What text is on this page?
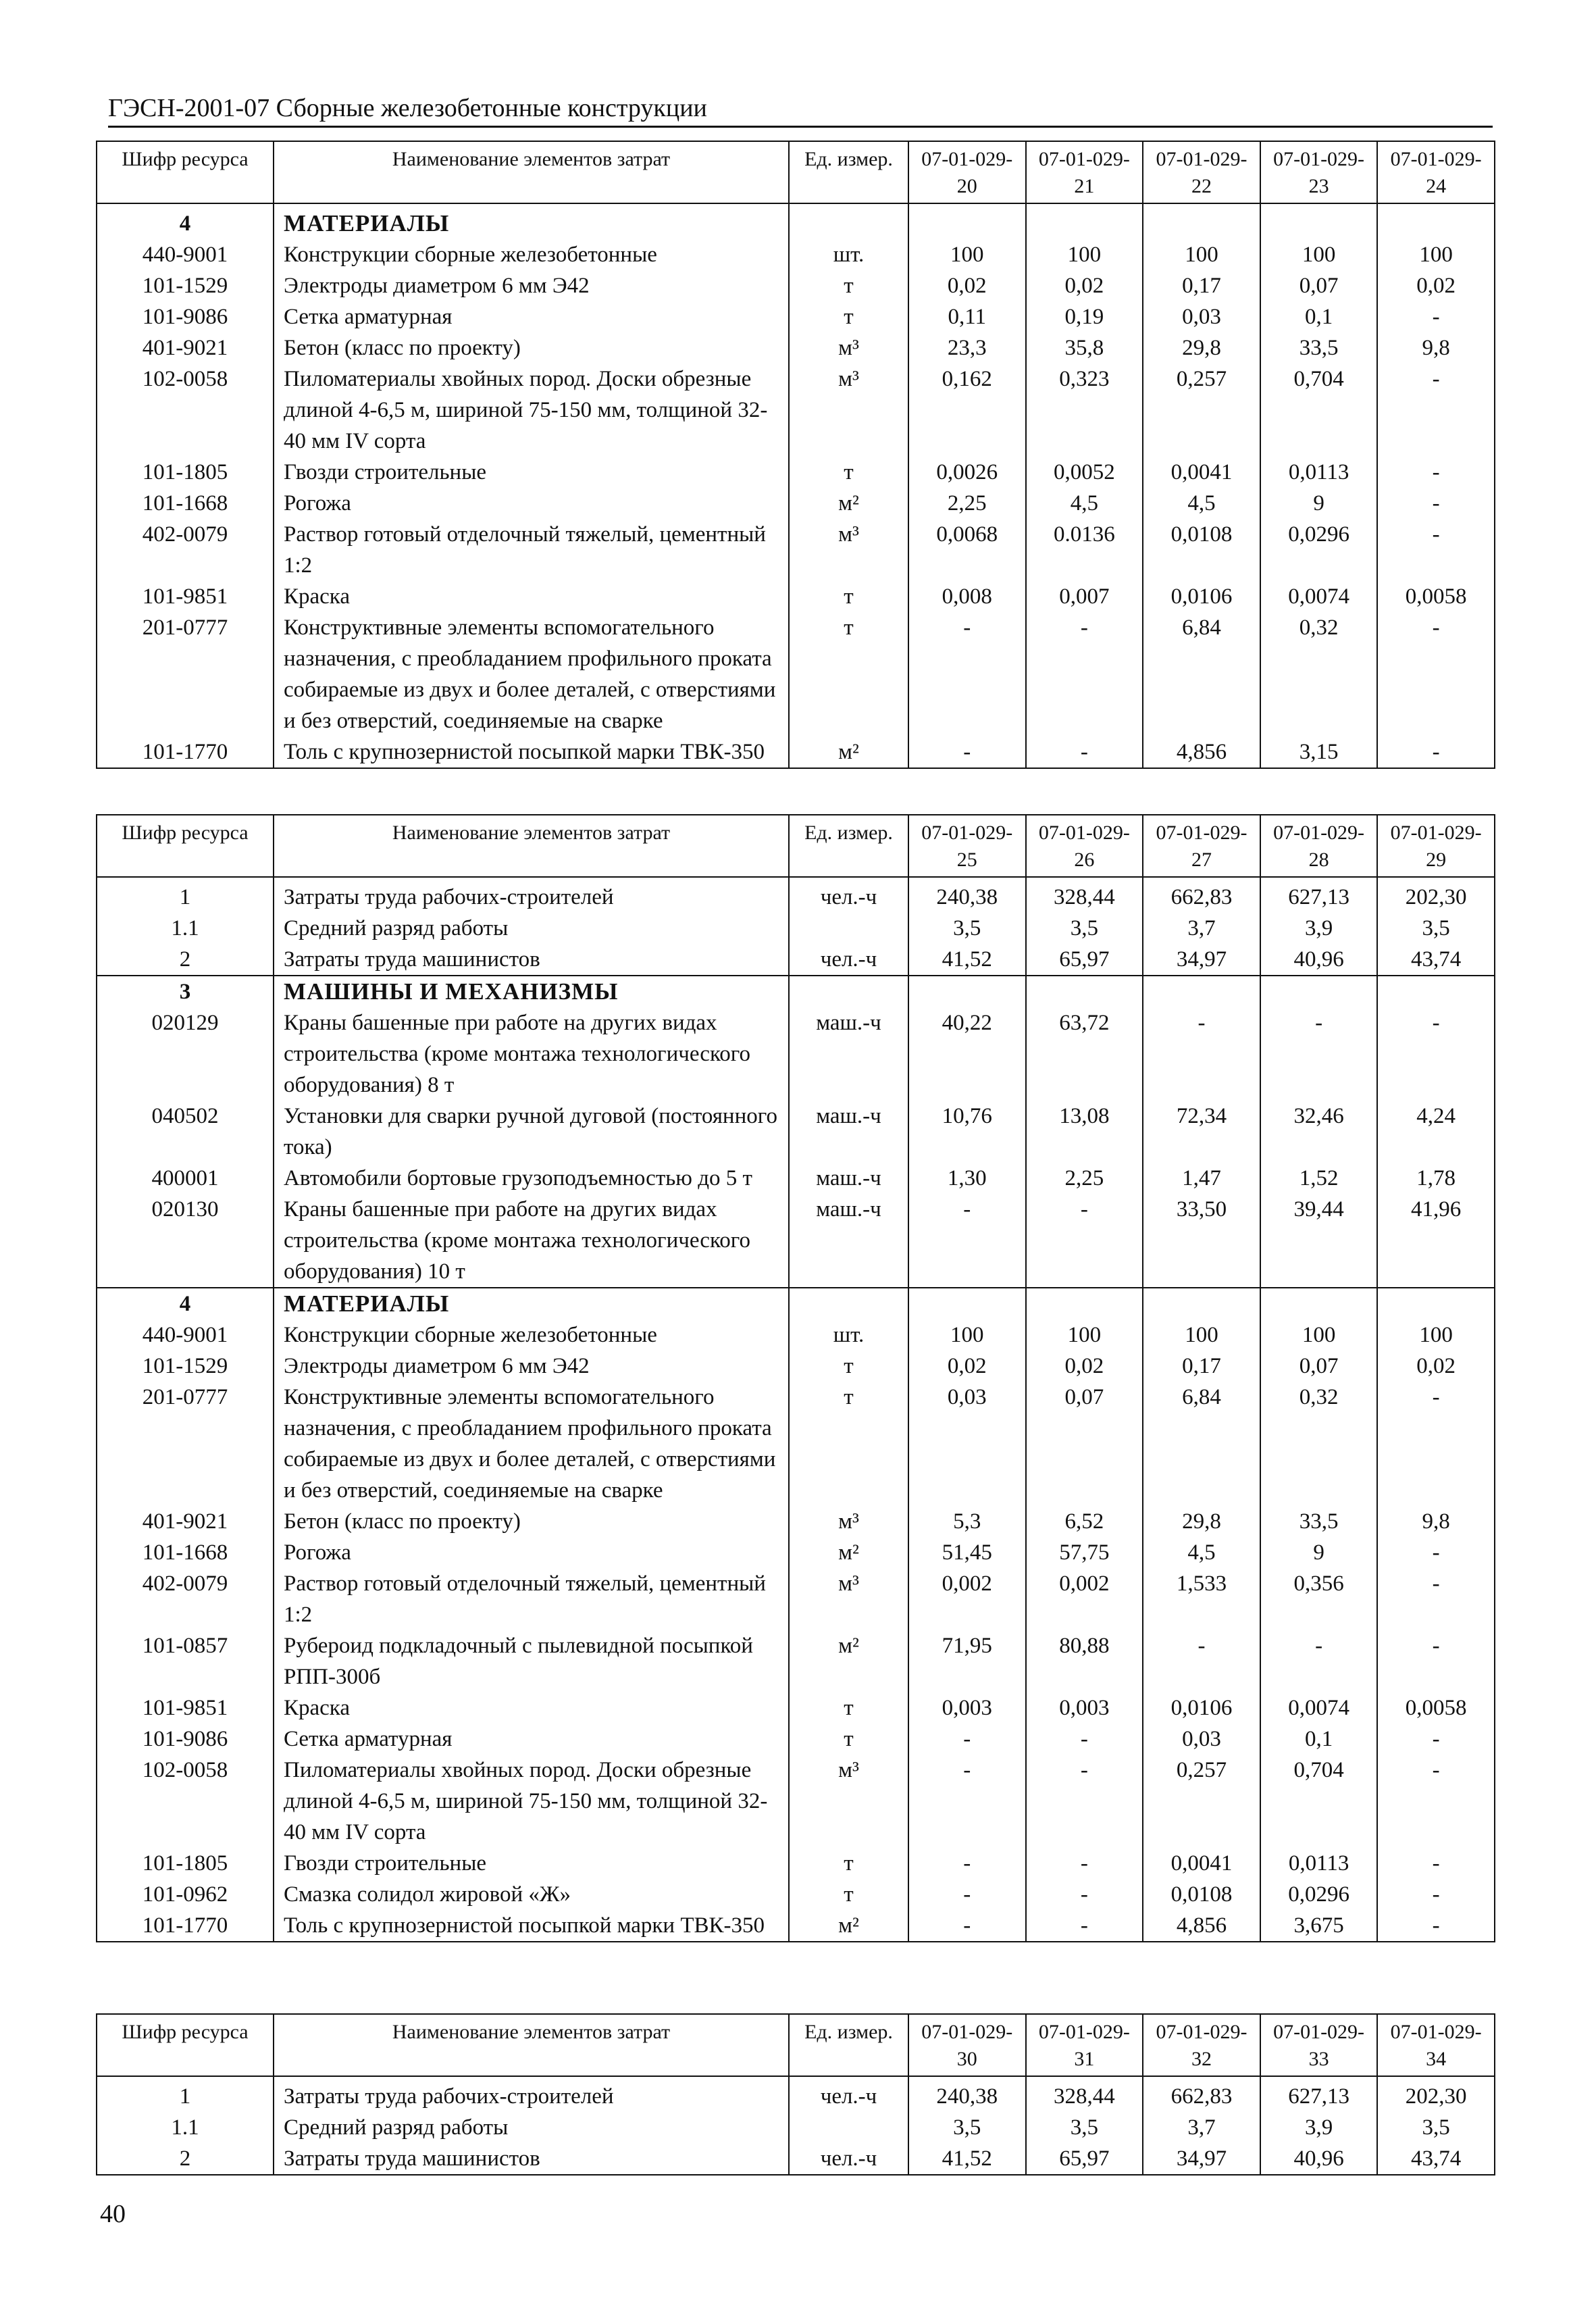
ГЭСН-2001-07 Сборные железобетонные конструкции
Шифр ресурса	Наименование элементов затрат	Ед. измер.	07-01-029-20	07-01-029-21	07-01-029-22	07-01-029-23	07-01-029-24
4	МАТЕРИАЛЫ						
440-9001	Конструкции сборные железобетонные	шт.	100	100	100	100	100
101-1529	Электроды диаметром 6 мм Э42	т	0,02	0,02	0,17	0,07	0,02
101-9086	Сетка арматурная	т	0,11	0,19	0,03	0,1	-
401-9021	Бетон (класс по проекту)	м³	23,3	35,8	29,8	33,5	9,8
102-0058	Пиломатериалы хвойных пород. Доски обрезные длиной 4-6,5 м, шириной 75-150 мм, толщиной 32-40 мм IV сорта	м³	0,162	0,323	0,257	0,704	-
101-1805	Гвозди строительные	т	0,0026	0,0052	0,0041	0,0113	-
101-1668	Рогожа	м²	2,25	4,5	4,5	9	-
402-0079	Раствор готовый отделочный тяжелый, цементный 1:2	м³	0,0068	0.0136	0,0108	0,0296	-
101-9851	Краска	т	0,008	0,007	0,0106	0,0074	0,0058
201-0777	Конструктивные элементы вспомогательного назначения, с преобладанием профильного проката собираемые из двух и более деталей, с отверстиями и без отверстий, соединяемые на сварке	т	-	-	6,84	0,32	-
101-1770	Толь с крупнозернистой посыпкой марки ТВК-350	м²	-	-	4,856	3,15	-
Шифр ресурса	Наименование элементов затрат	Ед. измер.	07-01-029-25	07-01-029-26	07-01-029-27	07-01-029-28	07-01-029-29
1	Затраты труда рабочих-строителей	чел.-ч	240,38	328,44	662,83	627,13	202,30
1.1	Средний разряд работы		3,5	3,5	3,7	3,9	3,5
2	Затраты труда машинистов	чел.-ч	41,52	65,97	34,97	40,96	43,74
3	МАШИНЫ И МЕХАНИЗМЫ						
020129	Краны башенные при работе на других видах строительства (кроме монтажа технологического оборудования) 8 т	маш.-ч	40,22	63,72	-	-	-
040502	Установки для сварки ручной дуговой (постоянного тока)	маш.-ч	10,76	13,08	72,34	32,46	4,24
400001	Автомобили бортовые грузоподъемностью до 5 т	маш.-ч	1,30	2,25	1,47	1,52	1,78
020130	Краны башенные при работе на других видах строительства (кроме монтажа технологического оборудования) 10 т	маш.-ч	-	-	33,50	39,44	41,96
4	МАТЕРИАЛЫ						
440-9001	Конструкции сборные железобетонные	шт.	100	100	100	100	100
101-1529	Электроды диаметром 6 мм Э42	т	0,02	0,02	0,17	0,07	0,02
201-0777	Конструктивные элементы вспомогательного назначения, с преобладанием профильного проката собираемые из двух и более деталей, с отверстиями и без отверстий, соединяемые на сварке	т	0,03	0,07	6,84	0,32	-
401-9021	Бетон (класс по проекту)	м³	5,3	6,52	29,8	33,5	9,8
101-1668	Рогожа	м²	51,45	57,75	4,5	9	-
402-0079	Раствор готовый отделочный тяжелый, цементный 1:2	м³	0,002	0,002	1,533	0,356	-
101-0857	Рубероид подкладочный с пылевидной посыпкой РПП-300б	м²	71,95	80,88	-	-	-
101-9851	Краска	т	0,003	0,003	0,0106	0,0074	0,0058
101-9086	Сетка арматурная	т	-	-	0,03	0,1	-
102-0058	Пиломатериалы хвойных пород. Доски обрезные длиной 4-6,5 м, шириной 75-150 мм, толщиной 32-40 мм IV сорта	м³	-	-	0,257	0,704	-
101-1805	Гвозди строительные	т	-	-	0,0041	0,0113	-
101-0962	Смазка солидол жировой «Ж»	т	-	-	0,0108	0,0296	-
101-1770	Толь с крупнозернистой посыпкой марки ТВК-350	м²	-	-	4,856	3,675	-
Шифр ресурса	Наименование элементов затрат	Ед. измер.	07-01-029-30	07-01-029-31	07-01-029-32	07-01-029-33	07-01-029-34
1	Затраты труда рабочих-строителей	чел.-ч	240,38	328,44	662,83	627,13	202,30
1.1	Средний разряд работы		3,5	3,5	3,7	3,9	3,5
2	Затраты труда машинистов	чел.-ч	41,52	65,97	34,97	40,96	43,74
40
